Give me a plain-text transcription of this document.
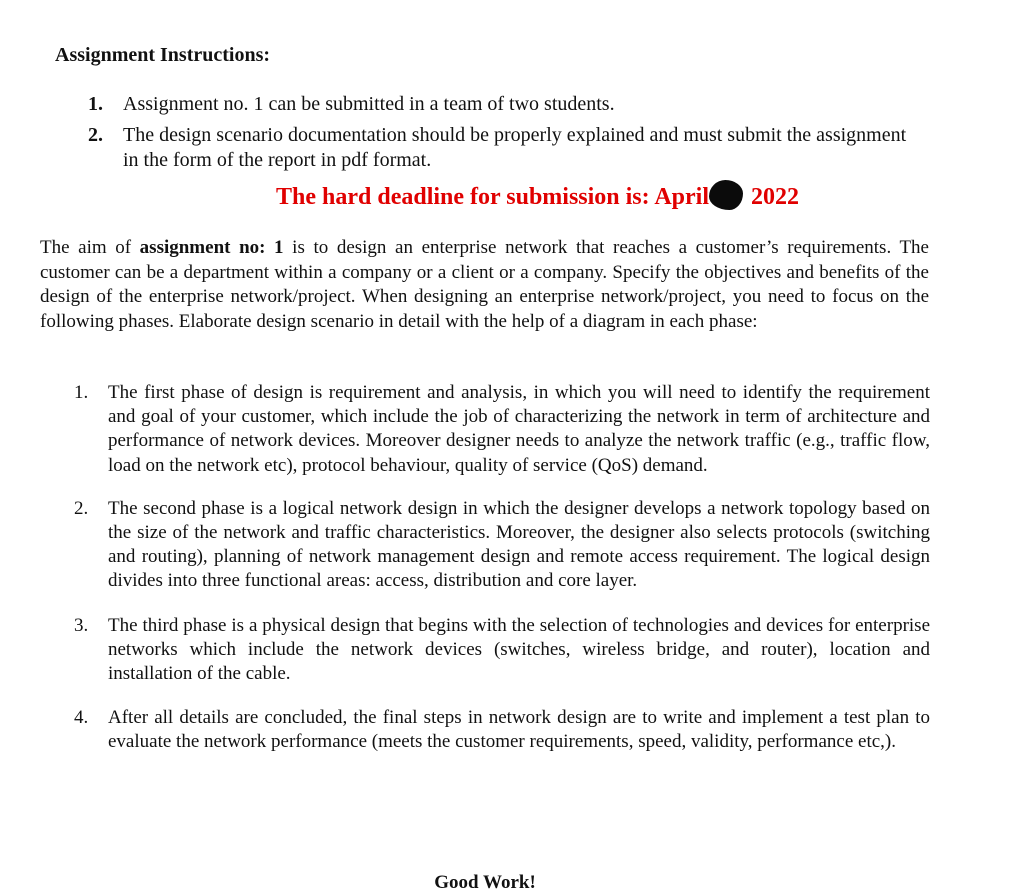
Assignment Instructions:
1. Assignment no. 1 can be submitted in a team of two students.
2. The design scenario documentation should be properly explained and must submit the assignment in the form of the report in pdf format.

The hard deadline for submission is: April 2022

The aim of assignment no: 1 is to design an enterprise network that reaches a customer’s requirements. The customer can be a department within a company or a client or a company. Specify the objectives and benefits of the design of the enterprise network/project. When designing an enterprise network/project, you need to focus on the following phases. Elaborate design scenario in detail with the help of a diagram in each phase:

1. The first phase of design is requirement and analysis, in which you will need to identify the requirement and goal of your customer, which include the job of characterizing the network in term of architecture and performance of network devices. Moreover designer needs to analyze the network traffic (e.g., traffic flow, load on the network etc), protocol behaviour, quality of service (QoS) demand.
2. The second phase is a logical network design in which the designer develops a network topology based on the size of the network and traffic characteristics. Moreover, the designer also selects protocols (switching and routing), planning of network management design and remote access requirement. The logical design divides into three functional areas: access, distribution and core layer.
3. The third phase is a physical design that begins with the selection of technologies and devices for enterprise networks which include the network devices (switches, wireless bridge, and router), location and installation of the cable.
4. After all details are concluded, the final steps in network design are to write and implement a test plan to evaluate the network performance (meets the customer requirements, speed, validity, performance etc,).

Good Work!
